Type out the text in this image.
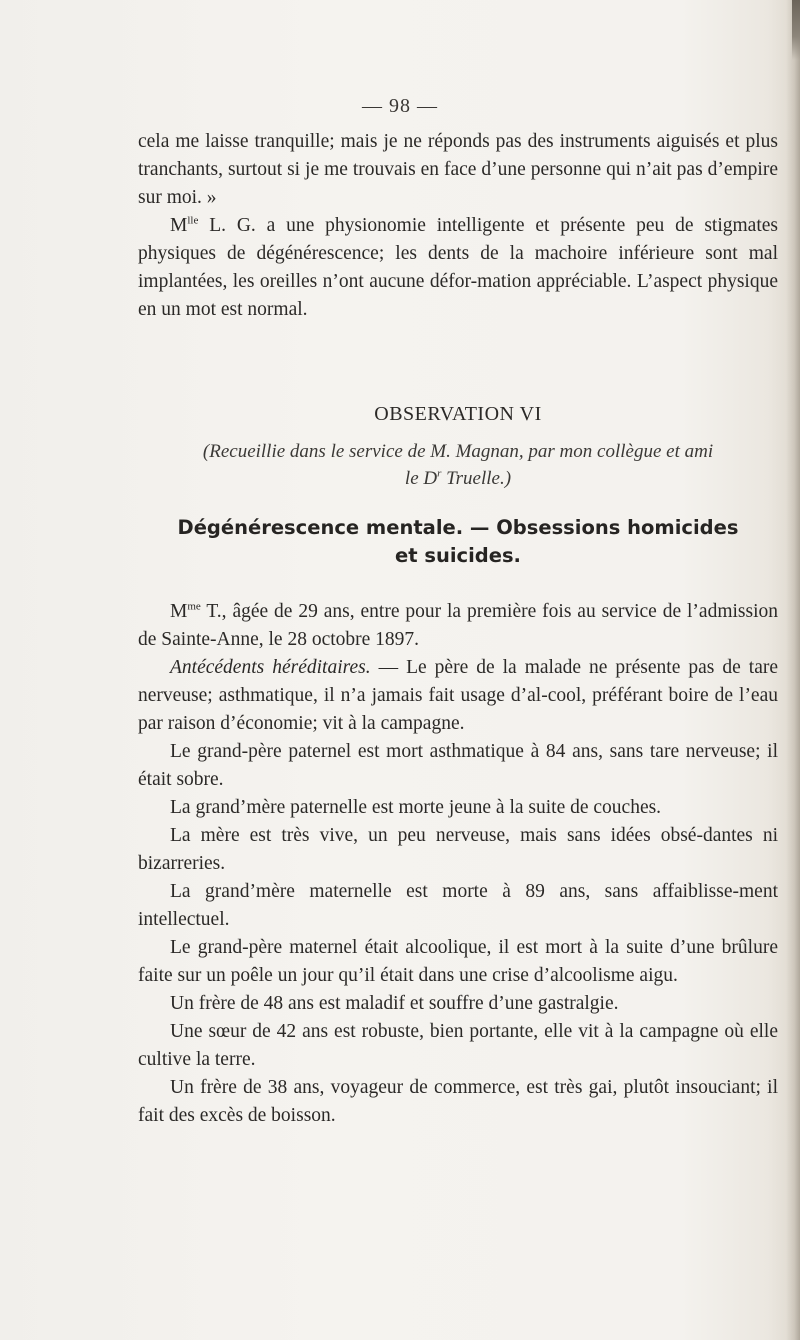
— 98 —

cela me laisse tranquille; mais je ne réponds pas des instruments aiguisés et plus tranchants, surtout si je me trouvais en face d’une personne qui n’ait pas d’empire sur moi. »

$M^{lle}$ L. G. a une physionomie intelligente et présente peu de stigmates physiques de dégénérescence; les dents de la machoire inférieure sont mal implantées, les oreilles n’ont aucune défor-mation appréciable. L’aspect physique en un mot est normal.

OBSERVATION VI
(Recueillie dans le service de M. Magnan, par mon collègue et ami
le $D^r$ Truelle.)
Dégénérescence mentale. — Obsessions homicides
et suicides.

$M^{me}$ T., âgée de 29 ans, entre pour la première fois au service de l’admission de Sainte-Anne, le 28 octobre 1897.

Antécédents héréditaires. — Le père de la malade ne présente pas de tare nerveuse; asthmatique, il n’a jamais fait usage d’al-cool, préférant boire de l’eau par raison d’économie; vit à la campagne.

Le grand-père paternel est mort asthmatique à 84 ans, sans tare nerveuse; il était sobre.

La grand’mère paternelle est morte jeune à la suite de couches.

La mère est très vive, un peu nerveuse, mais sans idées obsé-dantes ni bizarreries.

La grand’mère maternelle est morte à 89 ans, sans affaiblisse-ment intellectuel.

Le grand-père maternel était alcoolique, il est mort à la suite d’une brûlure faite sur un poêle un jour qu’il était dans une crise d’alcoolisme aigu.

Un frère de 48 ans est maladif et souffre d’une gastralgie.

Une sœur de 42 ans est robuste, bien portante, elle vit à la campagne où elle cultive la terre.

Un frère de 38 ans, voyageur de commerce, est très gai, plutôt insouciant; il fait des excès de boisson.
